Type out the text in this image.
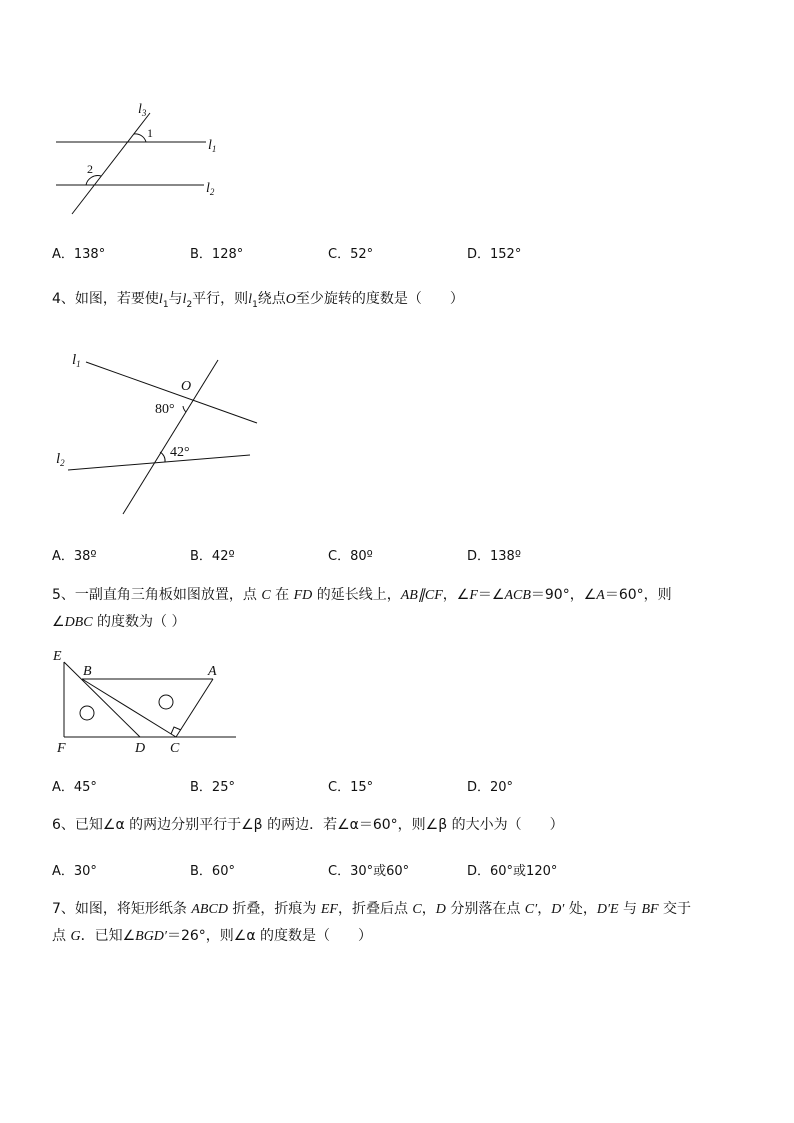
$l_3$
$l_1$
$l_2$
1
2
A．138°	B．128°	C．52°	D．152°
4、如图，若要使$l_1$与$l_2$平行，则$l_1$绕点O至少旋转的度数是（　　）
$l_1$
$l_2$
O
80°
42°
A．38º	B．42º	C．80º	D．138º
5、一副直角三角板如图放置，点 C 在 FD 的延长线上，AB∥CF，∠F＝∠ACB＝90°，∠A＝60°，则
∠DBC 的度数为（ ）
E
B	A
F	D C
A．45°	B．25°	C．15°	D．20°
6、已知∠α 的两边分别平行于∠β 的两边．若∠α＝60°，则∠β 的大小为（　　）
A．30°	B．60°	C．30°或60°	D．60°或120°
7、如图，将矩形纸条 ABCD 折叠，折痕为 EF，折叠后点 C，D 分别落在点 C′，D′ 处，D′E 与 BF 交于
点 G．已知∠BGD′＝26°，则∠α 的度数是（　　）
